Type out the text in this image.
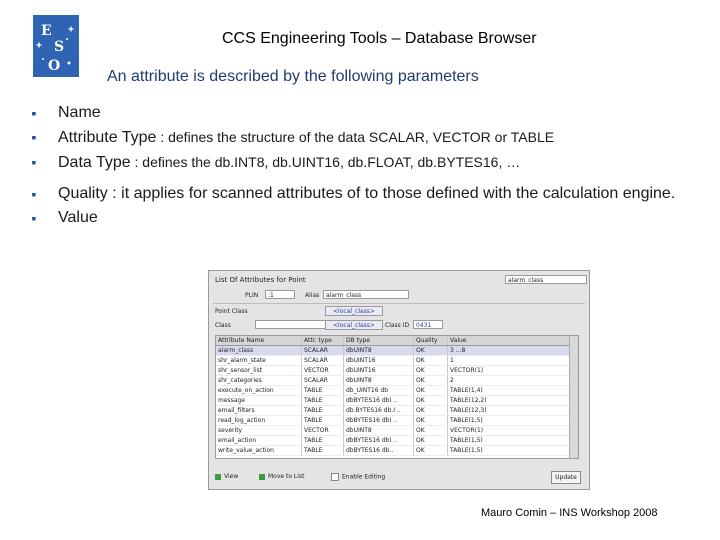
E
S
O
CCS Engineering Tools – Database Browser
An attribute is described by the following parameters
▪ Name
▪ Attribute Type : defines the structure of the data SCALAR, VECTOR or TABLE
▪ Data Type : defines the db.INT8, db.UINT16, db.FLOAT, db.BYTES16, …
▪ Quality : it applies for scanned attributes of to those defined with the calculation engine.
▪ Value
List Of Attributes for Point	alarm_class
PLIN	:1	Alias	alarm_class
Point Class	<local_class>
Class	<local_class>	Class ID	0431
Attribute Name	Attr. type	DB type	Quality	Value
alarm_class	SCALAR	dbUINT8	OK	3 ...8
shr_alarm_state	SCALAR	dbUINT16	OK	1
shr_sensor_list	VECTOR	dbUINT16	OK	VECTOR(1)
shr_categories	SCALAR	dbUINT8	OK	2
execute_on_action	TABLE	db_UINT16 db	OK	TABLE(1,4)
message	TABLE	dbBYTES16 dbI ..	OK	TABLE(12,2)
email_filters	TABLE	db.BYTES16 db.I ..	OK	TABLE(12,3)
read_log_action	TABLE	dbBYTES16 dbI ..	OK	TABLE(1,5)
severity	VECTOR	dbUINT8	OK	VECTOR(1)
email_action	TABLE	dbBYTES16 dbI ..	OK	TABLE(1,5)
write_value_action	TABLE	dbBYTES16 db..	OK	TABLE(1,5)
View	Move to List	Enable Editing	Update
Mauro Comin – INS Workshop 2008
